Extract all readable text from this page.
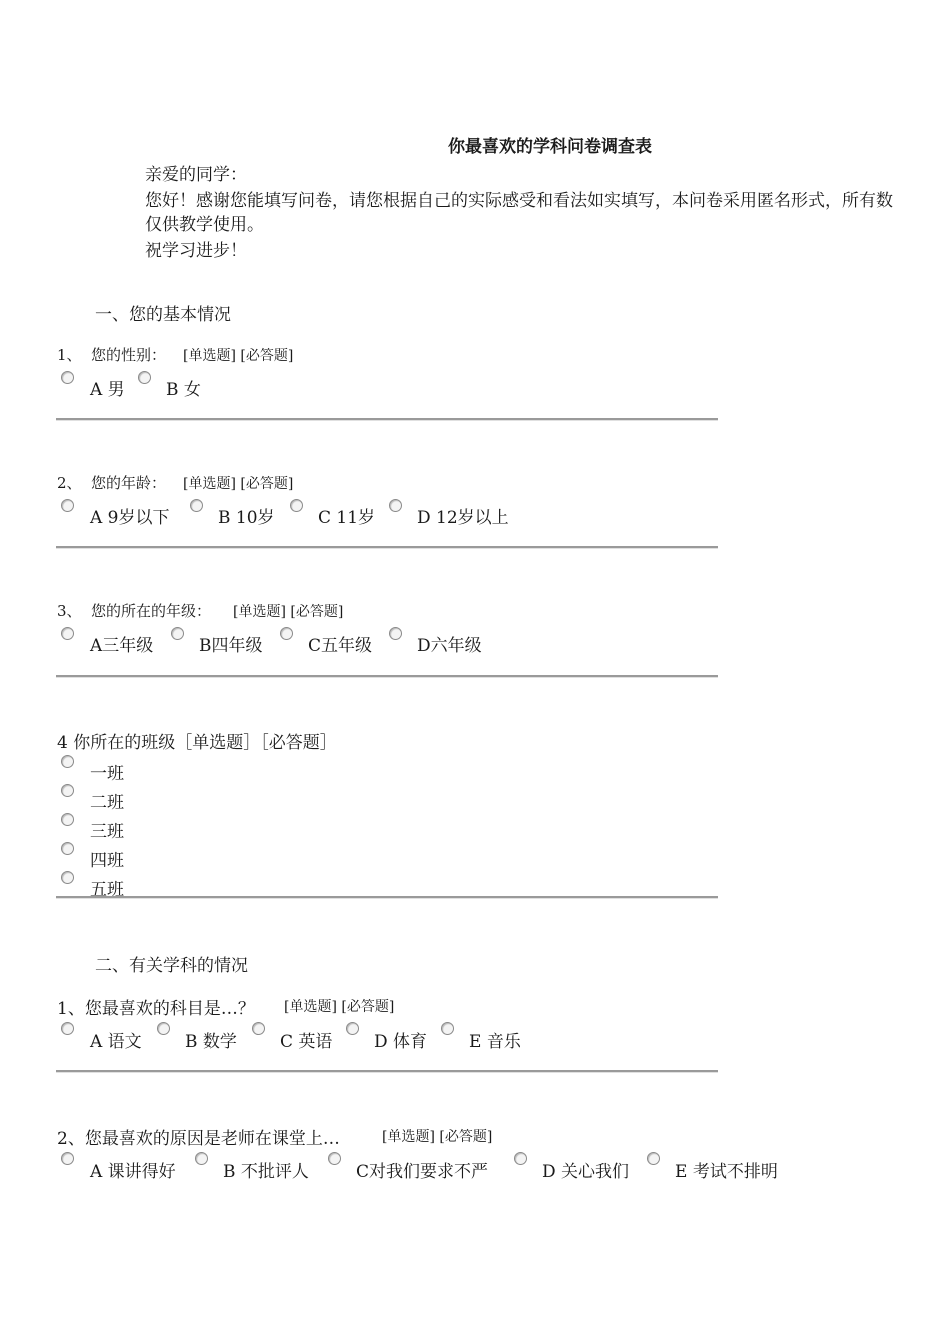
你最喜欢的学科问卷调查表
亲爱的同学：
您好！感谢您能填写问卷，请您根据自己的实际感受和看法如实填写，本问卷采用匿名形式，所有数
仅供教学使用。
祝学习进步！
一、您的基本情况
1、 您的性别： [单选题] [必答题]
A 男 B 女
2、 您的年龄： [单选题] [必答题]
A 9岁以下	B 10岁	C 11岁 D 12岁以上
3、 您的所在的年级： [单选题] [必答题]
A三年级	B四年级	C五年级	D六年级
4 你所在的班级［单选题］［必答题］
一班
二班
三班
四班
五班
二、有关学科的情况
1、您最喜欢的科目是…？ [单选题] [必答题]
A 语文	B 数学	C 英语 D 体育 E 音乐
2、您最喜欢的原因是老师在课堂上…	[单选题] [必答题]
A 课讲得好	B 不批评人	C对我们要求不严	D 关心我们	E 考试不排明
